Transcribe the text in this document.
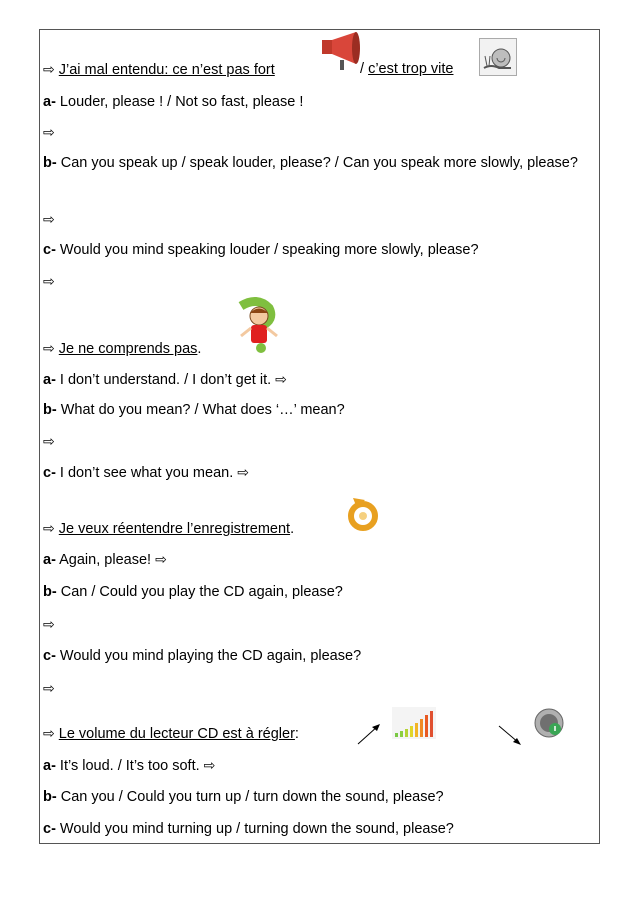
⇨ J’ai mal entendu: ce n’est pas fort	/ c’est trop vite
a- Louder, please ! / Not so fast, please !
⇨
b- Can you speak up / speak louder, please? / Can you speak more slowly, please?
⇨
c- Would you mind speaking louder / speaking more slowly, please?
⇨
⇨ Je ne comprends pas.
a- I don’t understand. / I don’t get it. ⇨
b- What do you mean? / What does ‘…’ mean?
⇨
c- I don’t see what you mean. ⇨
⇨ Je veux réentendre l’enregistrement.
a- Again, please! ⇨
b- Can / Could you play the CD again, please?
⇨
c- Would you mind playing the CD again, please?
⇨
⇨ Le volume du lecteur CD est à régler:
a- It’s loud. / It’s too soft. ⇨
b- Can you / Could you turn up / turn down the sound, please?
c- Would you mind turning up / turning down the sound, please?
